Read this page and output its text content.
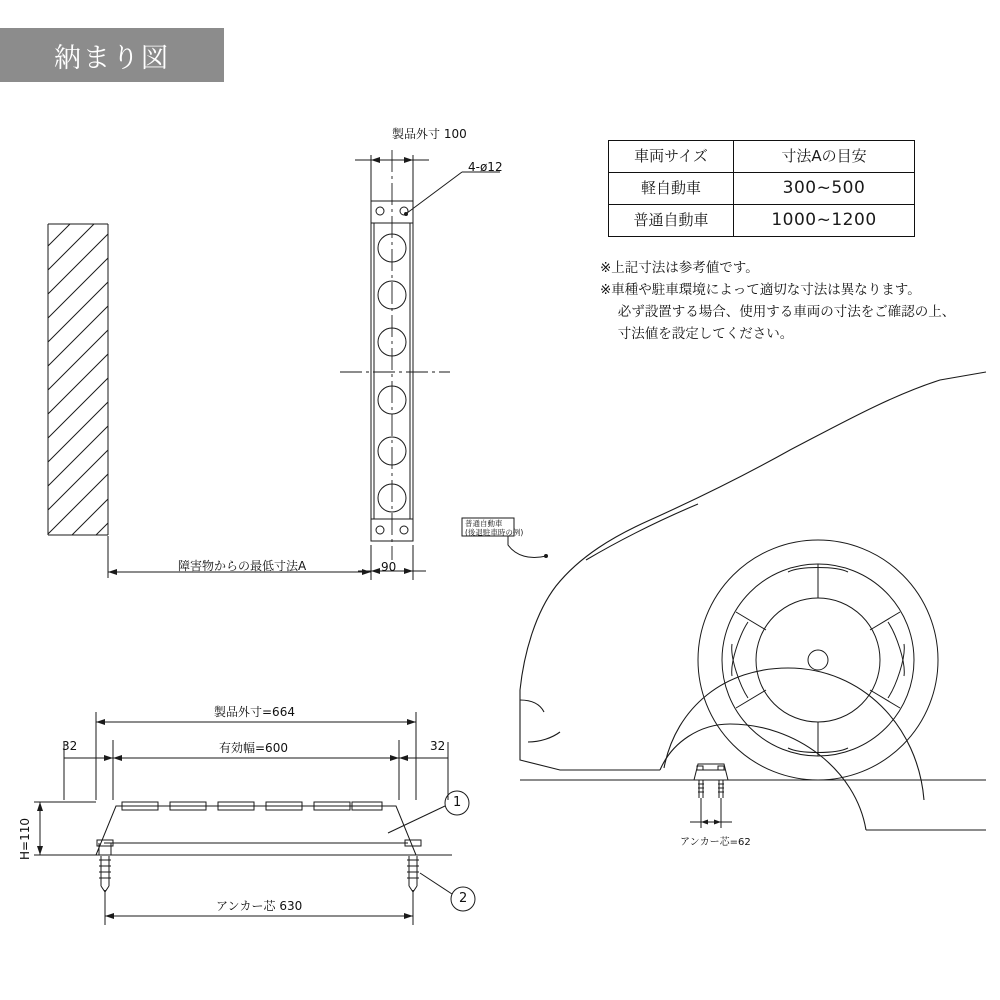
納まり図
車両サイズ	寸法Aの目安
軽自動車	300~500
普通自動車	1000~1200
※上記寸法は参考値です。
※車種や駐車環境によって適切な寸法は異なります。
　 必ず設置する場合、使用する車両の寸法をご確認の上、
　 寸法値を設定してください。
製品外寸 100
4-ø12
90
障害物からの最低寸法A
製品外寸=664
有効幅=600
32	32
H=110
アンカー芯 630
1
2
普通自動車
(後退駐車時の例)
アンカー芯=62
